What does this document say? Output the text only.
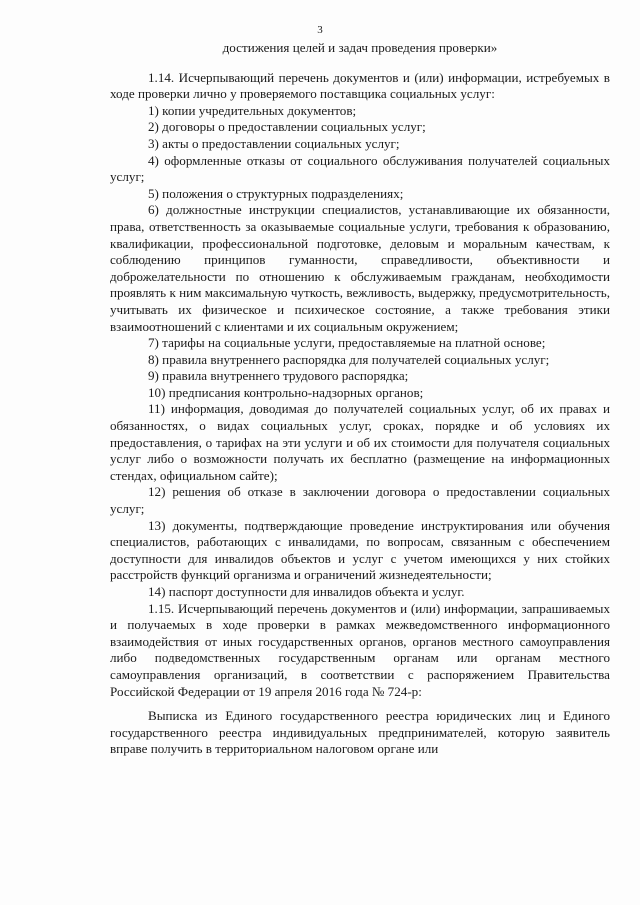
3

достижения целей и задач проведения проверки»

1.14. Исчерпывающий перечень документов и (или) информации, истребуемых в ходе проверки лично у проверяемого поставщика социальных услуг:

1) копии учредительных документов;

2) договоры о предоставлении социальных услуг;

3) акты о предоставлении социальных услуг;

4) оформленные отказы от социального обслуживания получателей социальных услуг;

5) положения о структурных подразделениях;

6) должностные инструкции специалистов, устанавливающие их обязанности, права, ответственность за оказываемые социальные услуги, требования к образованию, квалификации, профессиональной подготовке, деловым и моральным качествам, к соблюдению принципов гуманности, справедливости, объективности и доброжелательности по отношению к обслуживаемым гражданам, необходимости проявлять к ним максимальную чуткость, вежливость, выдержку, предусмотрительность, учитывать их физическое и психическое состояние, а также требования этики взаимоотношений с клиентами и их социальным окружением;

7) тарифы на социальные услуги, предоставляемые на платной основе;

8) правила внутреннего распорядка для получателей социальных услуг;

9) правила внутреннего трудового распорядка;

10) предписания контрольно-надзорных органов;

11) информация, доводимая до получателей социальных услуг, об их правах и обязанностях, о видах социальных услуг, сроках, порядке и об условиях их предоставления, о тарифах на эти услуги и об их стоимости для получателя социальных услуг либо о возможности получать их бесплатно (размещение на информационных стендах, официальном сайте);

12) решения об отказе в заключении договора о предоставлении социальных услуг;

13) документы, подтверждающие проведение инструктирования или обучения специалистов, работающих с инвалидами, по вопросам, связанным с обеспечением доступности для инвалидов объектов и услуг с учетом имеющихся у них стойких расстройств функций организма и ограничений жизнедеятельности;

14) паспорт доступности для инвалидов объекта и услуг.

1.15. Исчерпывающий перечень документов и (или) информации, запрашиваемых и получаемых в ходе проверки в рамках межведомственного информационного взаимодействия от иных государственных органов, органов местного самоуправления либо подведомственных государственным органам или органам местного самоуправления организаций, в соответствии с распоряжением Правительства Российской Федерации от 19 апреля 2016 года № 724-р:

Выписка из Единого государственного реестра юридических лиц и Единого государственного реестра индивидуальных предпринимателей, которую заявитель вправе получить в территориальном налоговом органе или
